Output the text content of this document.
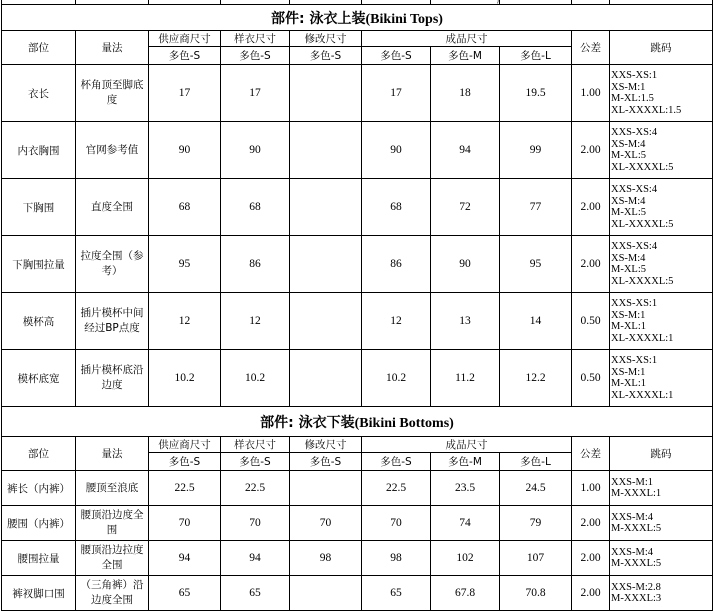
						)			
部件: 泳衣上装(Bikini Tops)									
部位	量法	供应商尺寸	样衣尺寸	修改尺寸	成品尺寸			公差	跳码
		多色-S	多色-S	多色-S	多色-S	多色-M	多色-L		
衣长	杯角顶至脚底度	17	17		17	18	19.5	1.00	XXS-XS:1
XS-M:1
M-XL:1.5
XL-XXXXL:1.5

内衣胸围	官网参考值	90	90		90	94	99	2.00	XXS-XS:4
XS-M:4
M-XL:5
XL-XXXXL:5

下胸围	直度全围	68	68		68	72	77	2.00	XXS-XS:4
XS-M:4
M-XL:5
XL-XXXXL:5

下胸围拉量	拉度全围（参考）	95	86		86	90	95	2.00	XXS-XS:4
XS-M:4
M-XL:5
XL-XXXXL:5

模杯高	插片模杯中间经过BP点度	12	12		12	13	14	0.50	XXS-XS:1
XS-M:1
M-XL:1
XL-XXXXL:1

模杯底宽	插片模杯底沿边度	10.2	10.2		10.2	11.2	12.2	0.50	XXS-XS:1
XS-M:1
M-XL:1
XL-XXXXL:1

部件: 泳衣下装(Bikini Bottoms)									
部位	量法	供应商尺寸	样衣尺寸	修改尺寸	成品尺寸			公差	跳码
		多色-S	多色-S	多色-S	多色-S	多色-M	多色-L		
裤长（内裤）	腰顶至浪底	22.5	22.5		22.5	23.5	24.5	1.00	XXS-M:1
M-XXXL:1

腰围（内裤）	腰顶沿边度全围	70	70	70	70	74	79	2.00	XXS-M:4
M-XXXL:5

腰围拉量	腰顶沿边拉度全围	94	94	98	98	102	107	2.00	XXS-M:4
M-XXXL:5

裤衩脚口围	（三角裤）沿边度全围	65	65		65	67.8	70.8	2.00	XXS-M:2.8
M-XXXL:3
